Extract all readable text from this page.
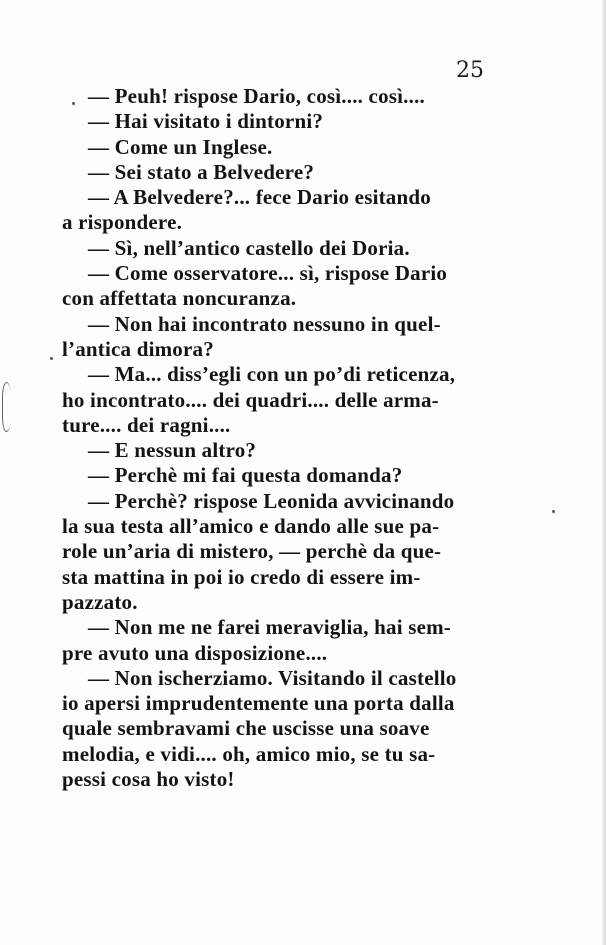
25
— Peuh! rispose Dario, così.... così....
— Hai visitato i dintorni?
— Come un Inglese.
— Sei stato a Belvedere?
— A Belvedere?... fece Dario esitando
a rispondere.
— Sì, nell’antico castello dei Doria.
— Come osservatore... sì, rispose Dario
con affettata noncuranza.
— Non hai incontrato nessuno in quel-
l’antica dimora?
— Ma... diss’egli con un po’di reticenza,
ho incontrato.... dei quadri.... delle arma-
ture.... dei ragni....
— E nessun altro?
— Perchè mi fai questa domanda?
— Perchè? rispose Leonida avvicinando
la sua testa all’amico e dando alle sue pa-
role un’aria di mistero, — perchè da que-
sta mattina in poi io credo di essere im-
pazzato.
— Non me ne farei meraviglia, hai sem-
pre avuto una disposizione....
— Non ischerziamo. Visitando il castello
io apersi imprudentemente una porta dalla
quale sembravami che uscisse una soave
melodia, e vidi.... oh, amico mio, se tu sa-
pessi cosa ho visto!
